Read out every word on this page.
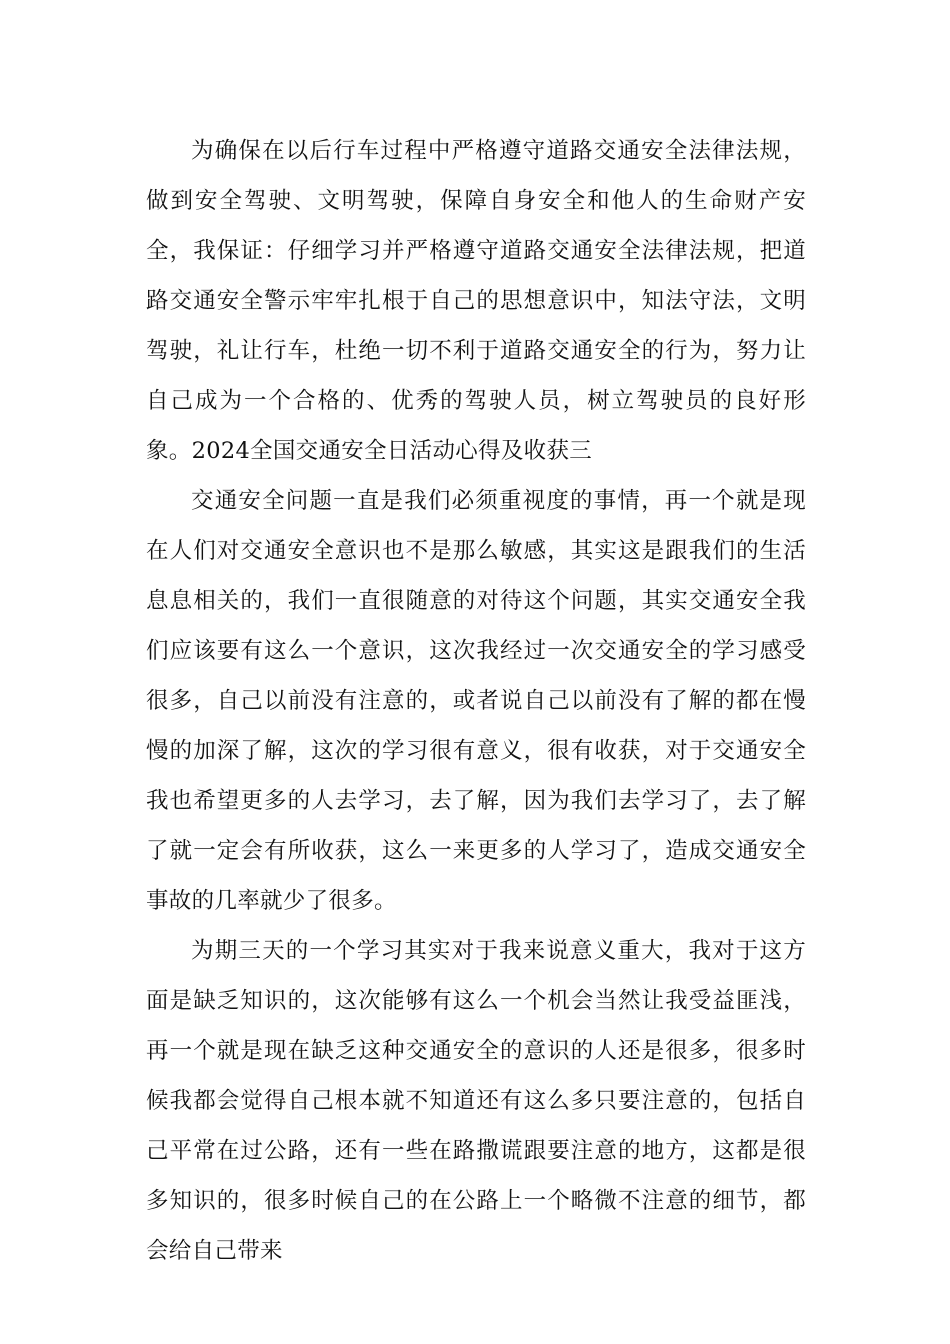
为确保在以后行车过程中严格遵守道路交通安全法律法规，做到安全驾驶、文明驾驶，保障自身安全和他人的生命财产安全，我保证：仔细学习并严格遵守道路交通安全法律法规，把道路交通安全警示牢牢扎根于自己的思想意识中，知法守法，文明驾驶，礼让行车，杜绝一切不利于道路交通安全的行为，努力让自己成为一个合格的、优秀的驾驶人员，树立驾驶员的良好形象。2024全国交通安全日活动心得及收获三

交通安全问题一直是我们必须重视度的事情，再一个就是现在人们对交通安全意识也不是那么敏感，其实这是跟我们的生活息息相关的，我们一直很随意的对待这个问题，其实交通安全我们应该要有这么一个意识，这次我经过一次交通安全的学习感受很多，自己以前没有注意的，或者说自己以前没有了解的都在慢慢的加深了解，这次的学习很有意义，很有收获，对于交通安全我也希望更多的人去学习，去了解，因为我们去学习了，去了解了就一定会有所收获，这么一来更多的人学习了，造成交通安全事故的几率就少了很多。

为期三天的一个学习其实对于我来说意义重大，我对于这方面是缺乏知识的，这次能够有这么一个机会当然让我受益匪浅，再一个就是现在缺乏这种交通安全的意识的人还是很多，很多时候我都会觉得自己根本就不知道还有这么多只要注意的，包括自己平常在过公路，还有一些在路撒谎跟要注意的地方，这都是很多知识的，很多时候自己的在公路上一个略微不注意的细节，都会给自己带来
